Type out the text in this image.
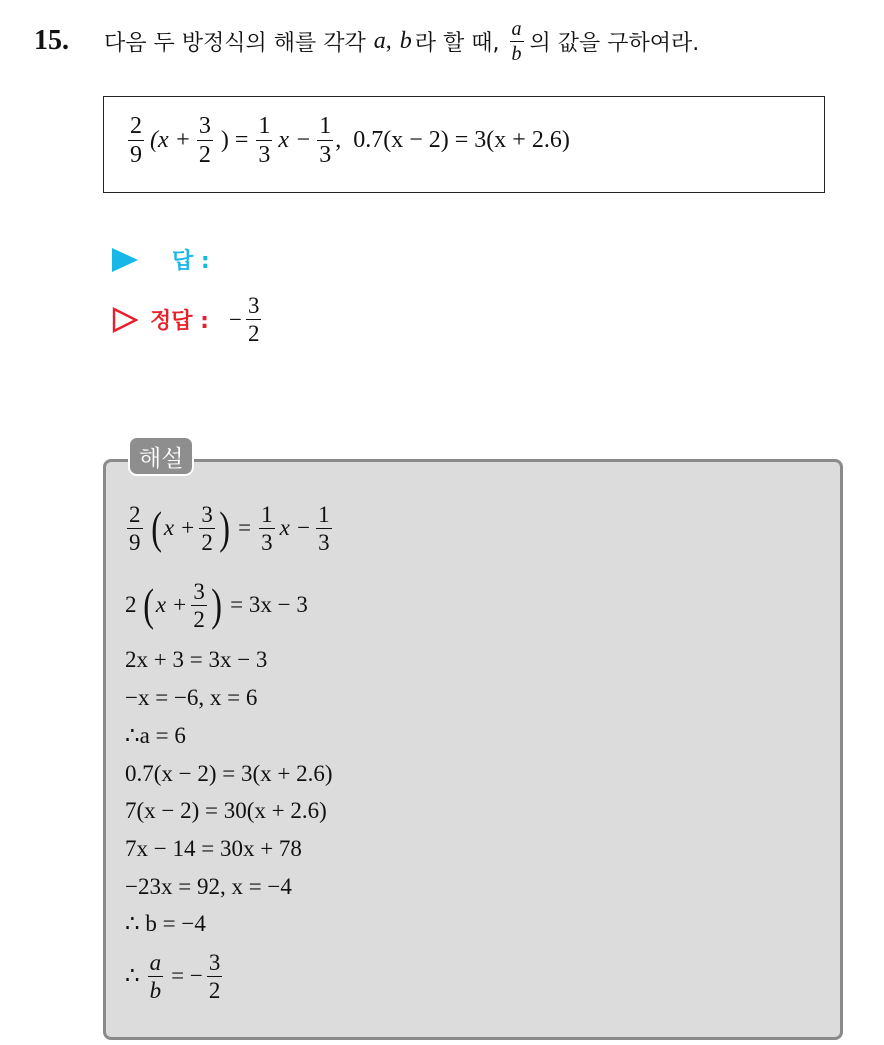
15.	다음 두 방정식의 해를 각각 a, b 라 할 때, $\frac{a}{b}$ 의 값을 구하여라.
$\frac{2}{9} (x + \frac{3}{2}$ ) = $\frac{1}{3}$ $x - \frac{1}{3}$ ,  0.7(x − 2) = 3(x + 2.6)
답 :
정답 : − $\frac{3}{2}$
해설
$\frac{2}{9}$ ( $x + \frac{3}{2}$ ) = $\frac{1}{3}$ $x - \frac{1}{3}$
2 ( $x + \frac{3}{2}$ ) = 3x − 3
2x + 3 = 3x − 3
−x = −6, x = 6
∴a = 6
0.7(x − 2) = 3(x + 2.6)
7(x − 2) = 30(x + 2.6)
7x − 14 = 30x + 78
−23x = 92, x = −4
∴ b = −4
∴ $\frac{a}{b}$ = − $\frac{3}{2}$
